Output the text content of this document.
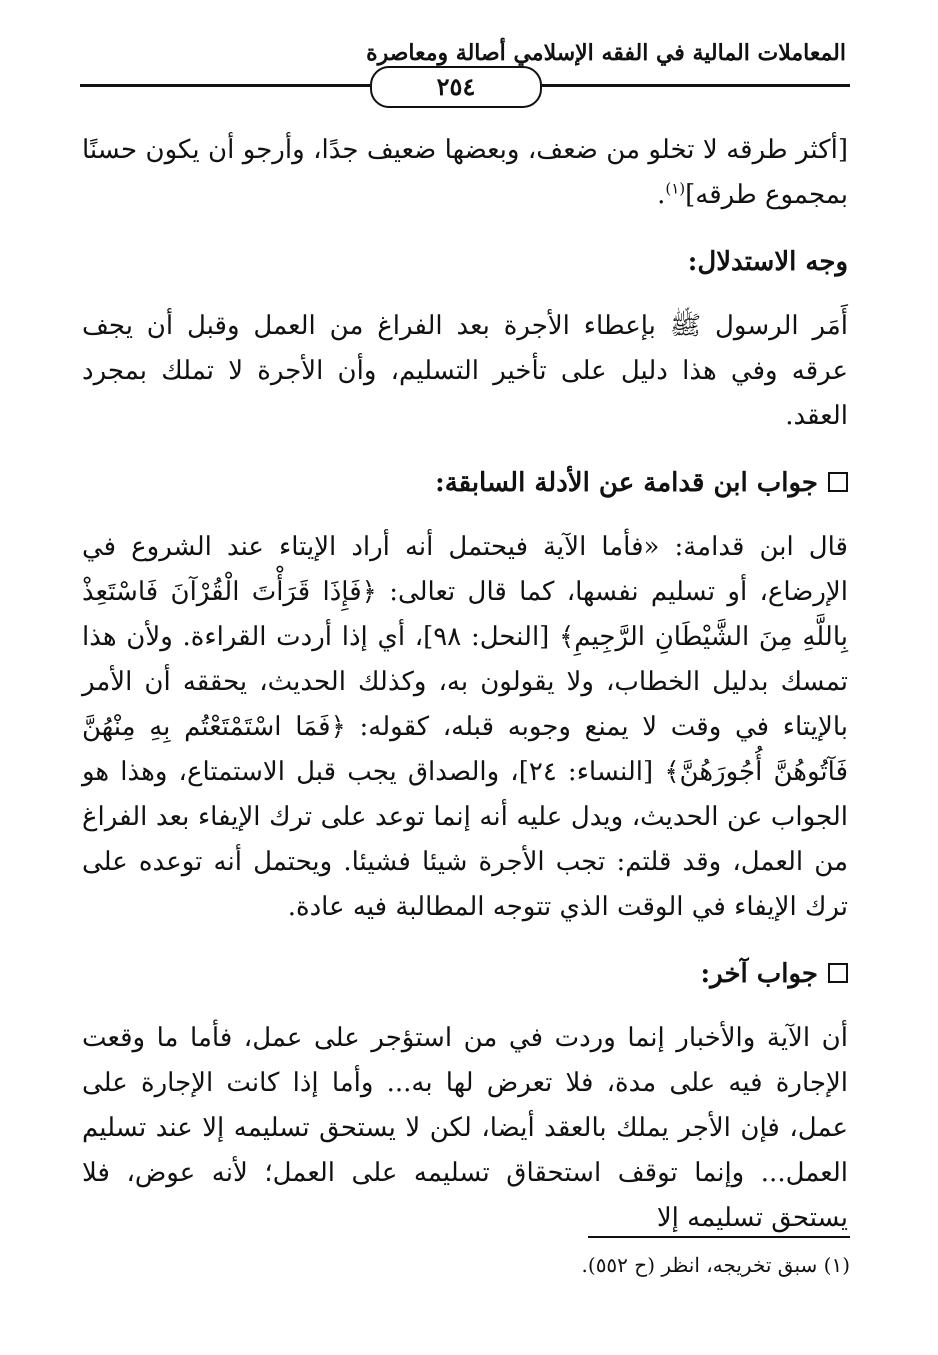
المعاملات المالية في الفقه الإسلامي أصالة ومعاصرة
٢٥٤

[أكثر طرقه لا تخلو من ضعف، وبعضها ضعيف جدًا، وأرجو أن يكون حسنًا بمجموع طرقه]$^{(١)}$.

وجه الاستدلال:

أَمَر الرسول ﷺ بإعطاء الأجرة بعد الفراغ من العمل وقبل أن يجف عرقه وفي هذا دليل على تأخير التسليم، وأن الأجرة لا تملك بمجرد العقد.

جواب ابن قدامة عن الأدلة السابقة:

قال ابن قدامة: «فأما الآية فيحتمل أنه أراد الإيتاء عند الشروع في الإرضاع، أو تسليم نفسها، كما قال تعالى: ﴿فَإِذَا قَرَأْتَ الْقُرْآنَ فَاسْتَعِذْ بِاللَّهِ مِنَ الشَّيْطَانِ الرَّجِيمِ﴾ [النحل: ٩٨]، أي إذا أردت القراءة. ولأن هذا تمسك بدليل الخطاب، ولا يقولون به، وكذلك الحديث، يحققه أن الأمر بالإيتاء في وقت لا يمنع وجوبه قبله، كقوله: ﴿فَمَا اسْتَمْتَعْتُم بِهِ مِنْهُنَّ فَآتُوهُنَّ أُجُورَهُنَّ﴾ [النساء: ٢٤]، والصداق يجب قبل الاستمتاع، وهذا هو الجواب عن الحديث، ويدل عليه أنه إنما توعد على ترك الإيفاء بعد الفراغ من العمل، وقد قلتم: تجب الأجرة شيئا فشيئا. ويحتمل أنه توعده على ترك الإيفاء في الوقت الذي تتوجه المطالبة فيه عادة.

جواب آخر:

أن الآية والأخبار إنما وردت في من استؤجر على عمل، فأما ما وقعت الإجارة فيه على مدة، فلا تعرض لها به... وأما إذا كانت الإجارة على عمل، فإن الأجر يملك بالعقد أيضا، لكن لا يستحق تسليمه إلا عند تسليم العمل... وإنما توقف استحقاق تسليمه على العمل؛ لأنه عوض، فلا يستحق تسليمه إلا

(١) سبق تخريجه، انظر (ح ٥٥٢).
